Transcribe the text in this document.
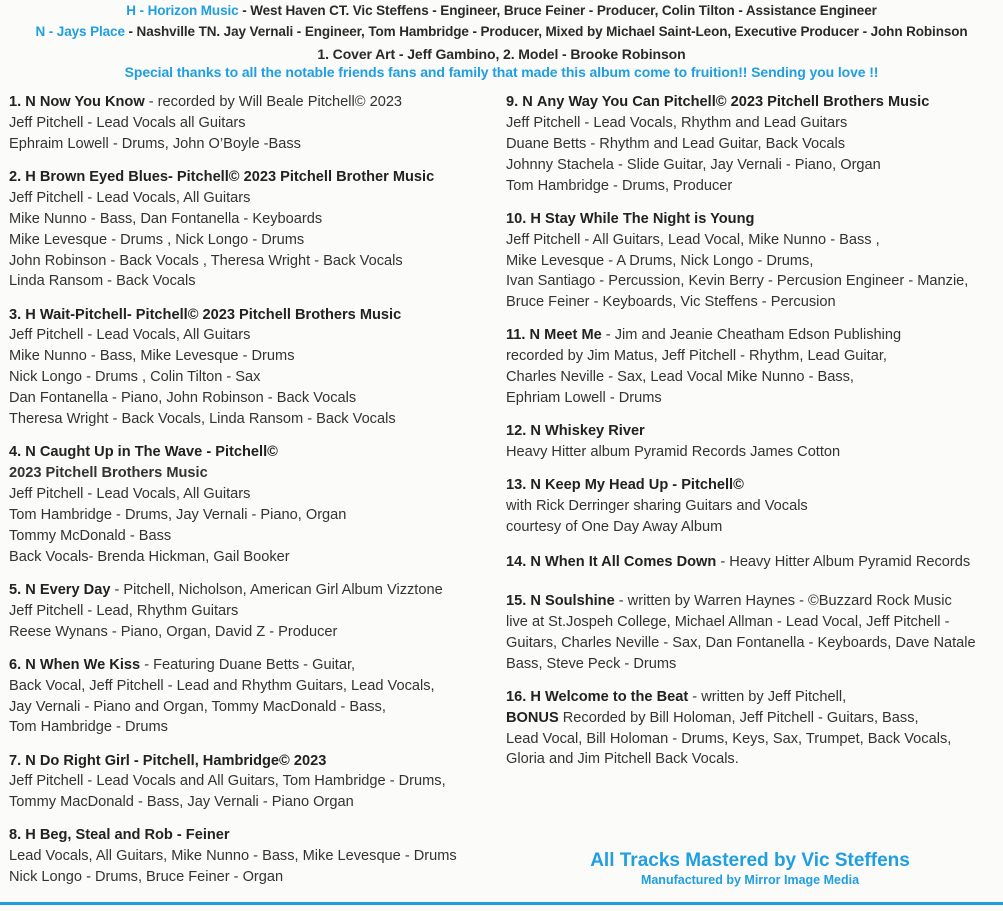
H - Horizon Music - West Haven CT. Vic Steffens - Engineer, Bruce Feiner - Producer, Colin Tilton - Assistance Engineer
N - Jays Place - Nashville TN. Jay Vernali - Engineer, Tom Hambridge - Producer, Mixed by Michael Saint-Leon, Executive Producer - John Robinson
1. Cover Art - Jeff Gambino, 2. Model - Brooke Robinson
Special thanks to all the notable friends fans and family that made this album come to fruition!! Sending you love !!
1. N Now You Know - recorded by Will Beale Pitchell© 2023
Jeff Pitchell - Lead Vocals all Guitars
Ephraim Lowell - Drums, John O’Boyle -Bass
2. H Brown Eyed Blues- Pitchell© 2023 Pitchell Brother Music
Jeff Pitchell - Lead Vocals, All Guitars
Mike Nunno - Bass, Dan Fontanella - Keyboards
Mike Levesque - Drums , Nick Longo - Drums
John Robinson - Back Vocals , Theresa Wright - Back Vocals
Linda Ransom - Back Vocals
3. H Wait-Pitchell- Pitchell© 2023 Pitchell Brothers Music
Jeff Pitchell - Lead Vocals, All Guitars
Mike Nunno - Bass, Mike Levesque - Drums
Nick Longo - Drums , Colin Tilton - Sax
Dan Fontanella - Piano, John Robinson - Back Vocals
Theresa Wright - Back Vocals, Linda Ransom - Back Vocals
4. N Caught Up in The Wave - Pitchell©
2023 Pitchell Brothers Music
Jeff Pitchell - Lead Vocals, All Guitars
Tom Hambridge - Drums, Jay Vernali - Piano, Organ
Tommy McDonald - Bass
Back Vocals- Brenda Hickman, Gail Booker
5. N Every Day - Pitchell, Nicholson, American Girl Album Vizztone
Jeff Pitchell - Lead, Rhythm Guitars
Reese Wynans - Piano, Organ, David Z - Producer
6. N When We Kiss - Featuring Duane Betts - Guitar,
Back Vocal, Jeff Pitchell - Lead and Rhythm Guitars, Lead Vocals,
Jay Vernali - Piano and Organ, Tommy MacDonald - Bass,
Tom Hambridge - Drums
7. N Do Right Girl - Pitchell, Hambridge© 2023
Jeff Pitchell - Lead Vocals and All Guitars, Tom Hambridge - Drums,
Tommy MacDonald - Bass, Jay Vernali - Piano Organ
8. H Beg, Steal and Rob - Feiner
Lead Vocals, All Guitars, Mike Nunno - Bass, Mike Levesque - Drums
Nick Longo - Drums, Bruce Feiner - Organ
9. N Any Way You Can Pitchell© 2023 Pitchell Brothers Music
Jeff Pitchell - Lead Vocals, Rhythm and Lead Guitars
Duane Betts - Rhythm and Lead Guitar, Back Vocals
Johnny Stachela - Slide Guitar, Jay Vernali - Piano, Organ
Tom Hambridge - Drums, Producer
10. H Stay While The Night is Young
Jeff Pitchell - All Guitars, Lead Vocal, Mike Nunno - Bass ,
Mike Levesque - A Drums, Nick Longo - Drums,
Ivan Santiago - Percussion, Kevin Berry - Percusion Engineer - Manzie,
Bruce Feiner - Keyboards, Vic Steffens - Percusion
11. N Meet Me - Jim and Jeanie Cheatham Edson Publishing
recorded by Jim Matus, Jeff Pitchell - Rhythm, Lead Guitar,
Charles Neville - Sax, Lead Vocal Mike Nunno - Bass,
Ephriam Lowell - Drums
12. N Whiskey River
Heavy Hitter album Pyramid Records James Cotton
13. N Keep My Head Up - Pitchell©
with Rick Derringer sharing Guitars and Vocals
courtesy of One Day Away Album
14. N When It All Comes Down - Heavy Hitter Album Pyramid Records
15. N Soulshine - written by Warren Haynes - ©Buzzard Rock Music
live at St.Jospeh College, Michael Allman - Lead Vocal, Jeff Pitchell -
Guitars, Charles Neville - Sax, Dan Fontanella - Keyboards, Dave Natale
Bass, Steve Peck - Drums
16. H Welcome to the Beat - written by Jeff Pitchell,
BONUS Recorded by Bill Holoman, Jeff Pitchell - Guitars, Bass,
Lead Vocal, Bill Holoman - Drums, Keys, Sax, Trumpet, Back Vocals,
Gloria and Jim Pitchell Back Vocals.
All Tracks Mastered by Vic Steffens
Manufactured by Mirror Image Media
